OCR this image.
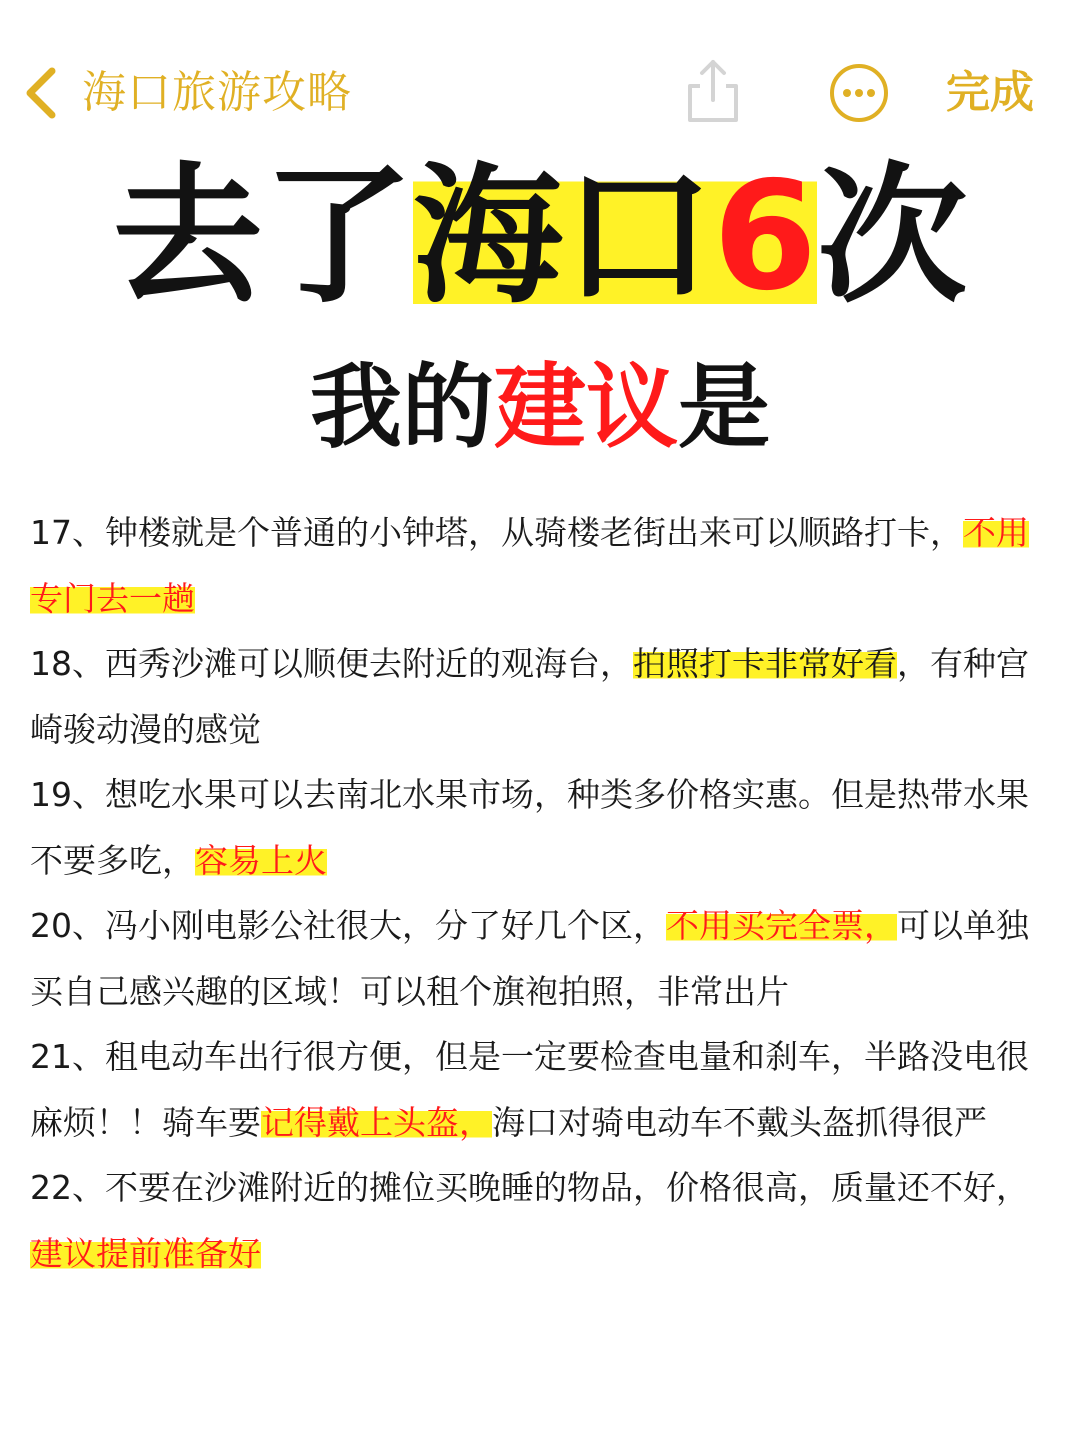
海口旅游攻略	完成
去了 海口6 次
我的建议是

17、钟楼就是个普通的小钟塔，从骑楼老街出来可以顺路打卡，不用专门去一趟

18、西秀沙滩可以顺便去附近的观海台，拍照打卡非常好看，有种宫崎骏动漫的感觉

19、想吃水果可以去南北水果市场，种类多价格实惠。但是热带水果不要多吃，容易上火

20、冯小刚电影公社很大，分了好几个区，不用买完全票，可以单独买自己感兴趣的区域！可以租个旗袍拍照，非常出片

21、租电动车出行很方便，但是一定要检查电量和刹车，半路没电很麻烦！！骑车要记得戴上头盔，海口对骑电动车不戴头盔抓得很严

22、不要在沙滩附近的摊位买晚睡的物品，价格很高，质量还不好，建议提前准备好
